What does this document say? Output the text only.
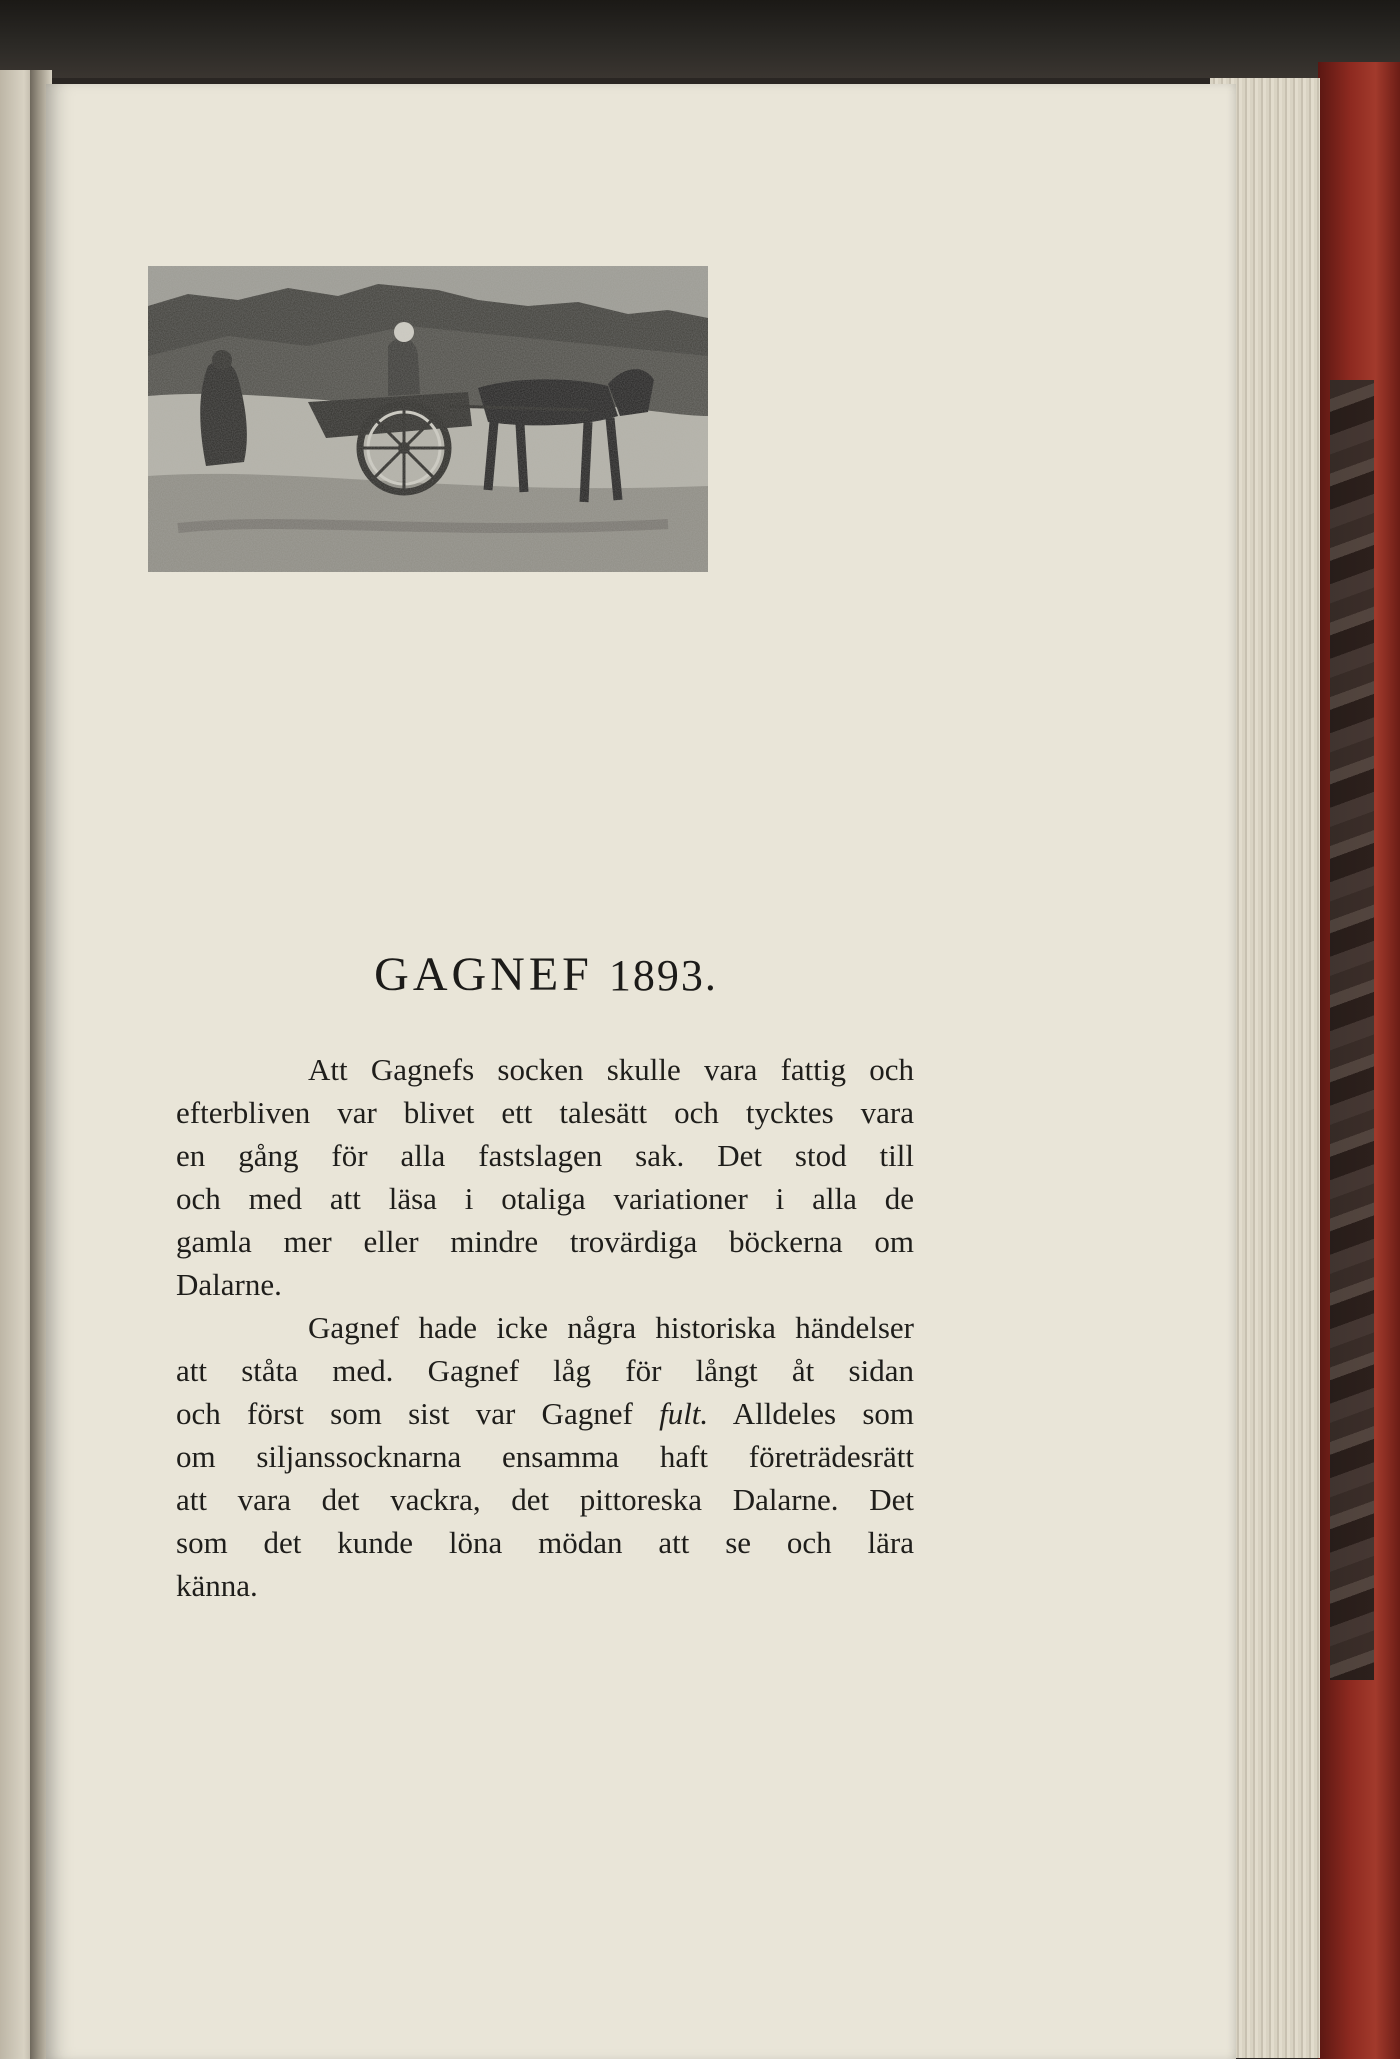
GAGNEF 1893.

Att Gagnefs socken skulle vara fattig och
efterbliven var blivet ett talesätt och tycktes vara
en gång för alla fastslagen sak. Det stod till
och med att läsa i otaliga variationer i alla de
gamla mer eller mindre trovärdiga böckerna om
Dalarne.

Gagnef hade icke några historiska händelser
att ståta med. Gagnef låg för långt åt sidan
och först som sist var Gagnef fult. Alldeles som
om siljanssocknarna ensamma haft företrädesrätt
att vara det vackra, det pittoreska Dalarne. Det
som det kunde löna mödan att se och lära
känna.
